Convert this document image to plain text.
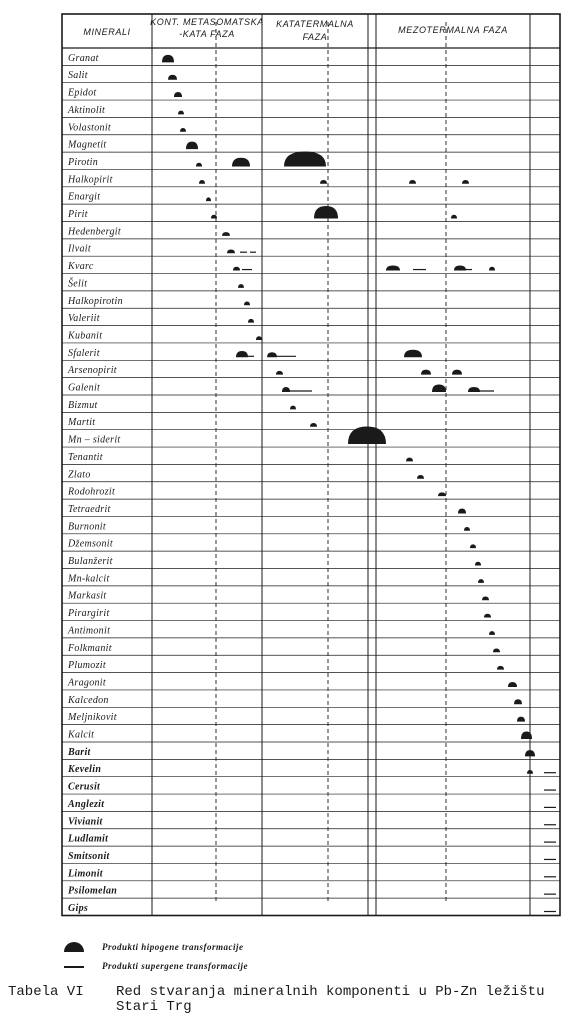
MINERALI
KONT. METASOMATSKA
-KATA FAZA
KATATERMALNA
FAZA
MEZOTERMALNA FAZA
Granat
Salit
Epidot
Aktinolit
Volastonit
Magnetit
Pirotin
Halkopirit
Enargit
Pirit
Hedenbergit
Ilvait
Kvarc
Šelit
Halkopirotin
Valeriit
Kubanit
Sfalerit
Arsenopirit
Galenit
Bizmut
Martit
Mn – siderit
Tenantit
Zlato
Rodohrozit
Tetraedrit
Burnonit
Džemsonit
Bulanžerit
Mn-kalcit
Markasit
Pirargirit
Antimonit
Folkmanit
Plumozit
Aragonit
Kalcedon
Meljnikovit
Kalcit
Barit
Kevelin
Cerusit
Anglezit
Vivianit
Ludlamit
Smitsonit
Limonit
Psilomelan
Gips
Produkti hipogene transformacije
Produkti supergene transformacije
Tabela VI Red stvaranja mineralnih komponenti u Pb-Zn ležištu Stari Trg
